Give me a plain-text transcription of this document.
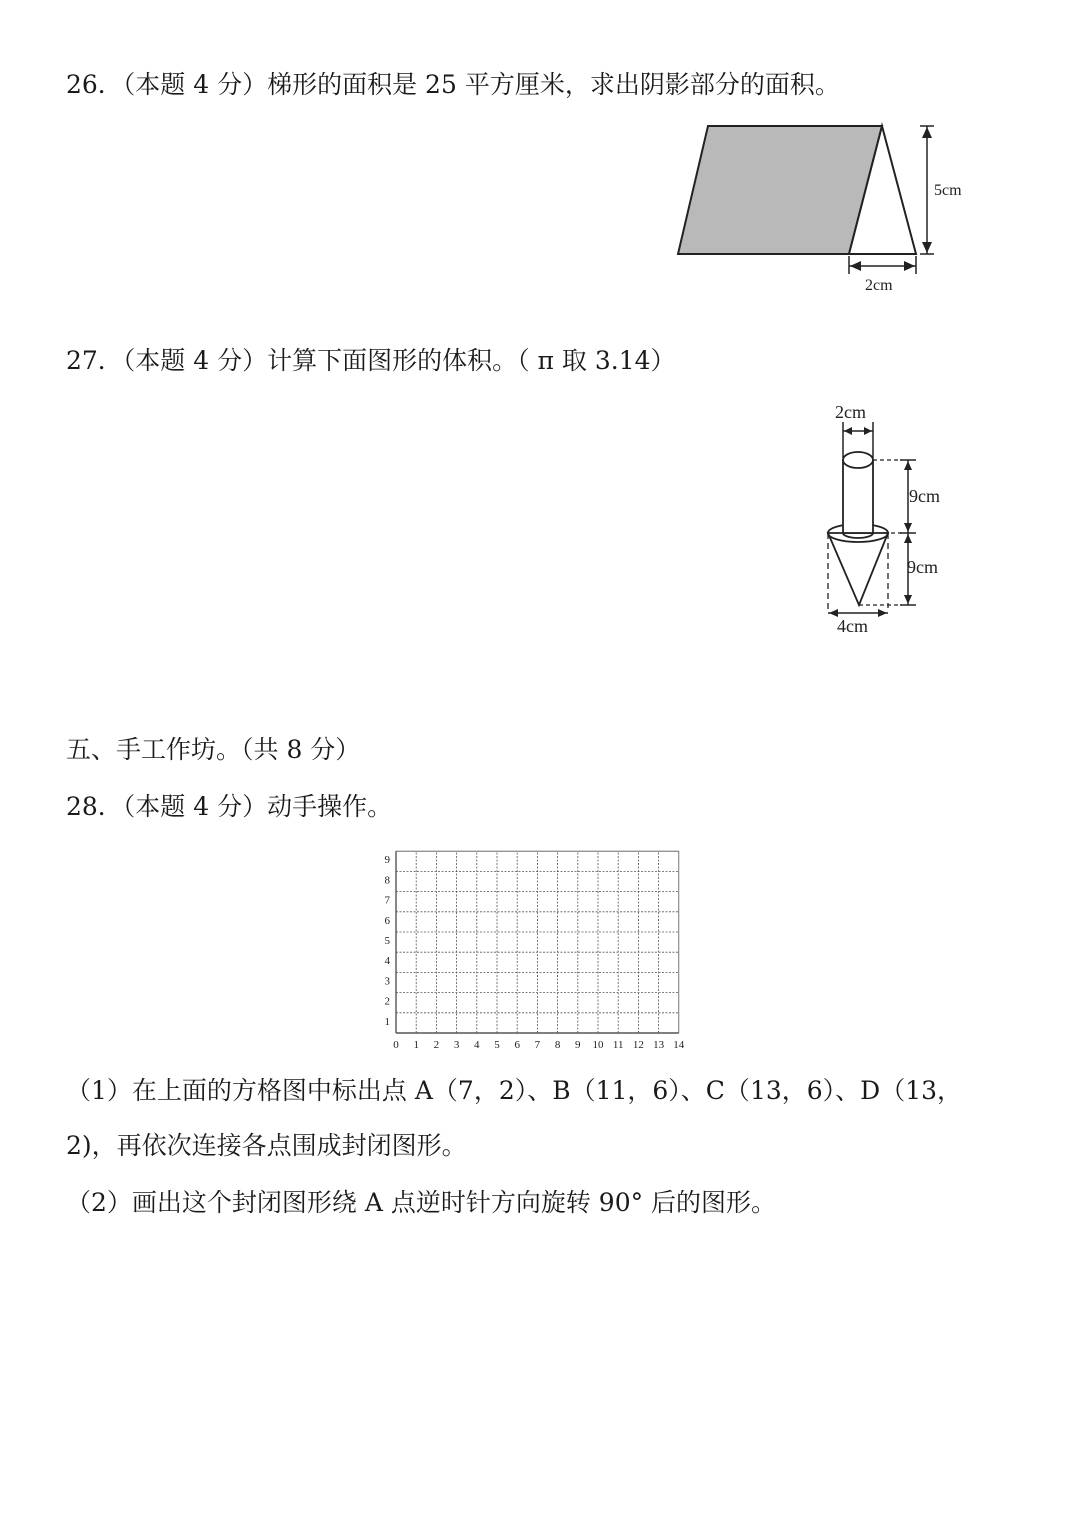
26．（本题 4 分）梯形的面积是 25 平方厘米，求出阴影部分的面积。
5cm
2cm
27．（本题 4 分）计算下面图形的体积。（ π 取 3.14）
2cm
9cm
9cm
4cm
五、手工作坊。（共 8 分）
28．（本题 4 分）动手操作。
0 1 2 3 4 5 6 7 8 9 10 11 12 13 14
1
2
3
4
5
6
7
8
9
（1）在上面的方格图中标出点 A（7，2）、B（11，6）、C（13，6）、D（13，
2)，再依次连接各点围成封闭图形。
（2）画出这个封闭图形绕 A 点逆时针方向旋转 90° 后的图形。
